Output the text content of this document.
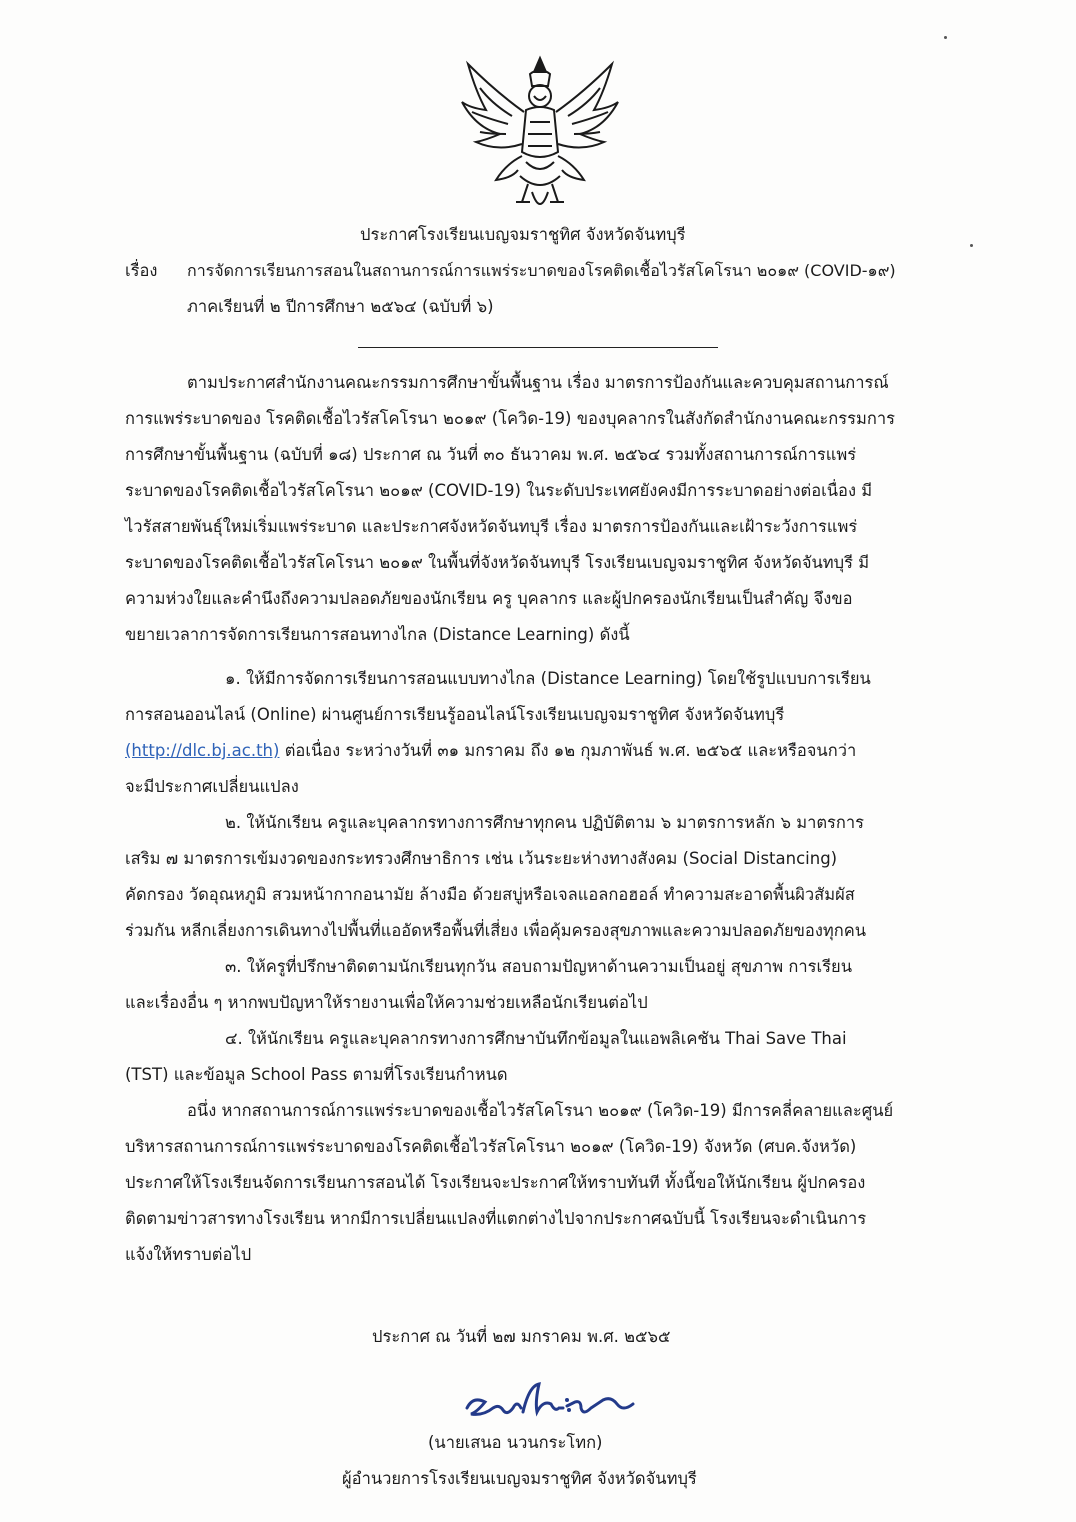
ประกาศโรงเรียนเบญจมราชูทิศ จังหวัดจันทบุรี
เรื่อง การจัดการเรียนการสอนในสถานการณ์การแพร่ระบาดของโรคติดเชื้อไวรัสโคโรนา ๒๐๑๙ (COVID-๑๙)
ภาคเรียนที่ ๒ ปีการศึกษา ๒๕๖๔ (ฉบับที่ ๖)
ตามประกาศสำนักงานคณะกรรมการศึกษาขั้นพื้นฐาน เรื่อง มาตรการป้องกันและควบคุมสถานการณ์
การแพร่ระบาดของ โรคติดเชื้อไวรัสโคโรนา ๒๐๑๙ (โควิด-19) ของบุคลากรในสังกัดสำนักงานคณะกรรมการ
การศึกษาขั้นพื้นฐาน (ฉบับที่ ๑๘) ประกาศ ณ วันที่ ๓๐ ธันวาคม พ.ศ. ๒๕๖๔ รวมทั้งสถานการณ์การแพร่
ระบาดของโรคติดเชื้อไวรัสโคโรนา ๒๐๑๙ (COVID-19) ในระดับประเทศยังคงมีการระบาดอย่างต่อเนื่อง มี
ไวรัสสายพันธุ์ใหม่เริ่มแพร่ระบาด และประกาศจังหวัดจันทบุรี เรื่อง มาตรการป้องกันและเฝ้าระวังการแพร่
ระบาดของโรคติดเชื้อไวรัสโคโรนา ๒๐๑๙ ในพื้นที่จังหวัดจันทบุรี โรงเรียนเบญจมราชูทิศ จังหวัดจันทบุรี มี
ความห่วงใยและคำนึงถึงความปลอดภัยของนักเรียน ครู บุคลากร และผู้ปกครองนักเรียนเป็นสำคัญ จึงขอ
ขยายเวลาการจัดการเรียนการสอนทางไกล (Distance Learning) ดังนี้
๑. ให้มีการจัดการเรียนการสอนแบบทางไกล (Distance Learning) โดยใช้รูปแบบการเรียน
การสอนออนไลน์ (Online) ผ่านศูนย์การเรียนรู้ออนไลน์โรงเรียนเบญจมราชูทิศ จังหวัดจันทบุรี
(http://dlc.bj.ac.th) ต่อเนื่อง ระหว่างวันที่ ๓๑ มกราคม ถึง ๑๒ กุมภาพันธ์ พ.ศ. ๒๕๖๕ และหรือจนกว่า
จะมีประกาศเปลี่ยนแปลง
๒. ให้นักเรียน ครูและบุคลากรทางการศึกษาทุกคน ปฏิบัติตาม ๖ มาตรการหลัก ๖ มาตรการ
เสริม ๗ มาตรการเข้มงวดของกระทรวงศึกษาธิการ เช่น เว้นระยะห่างทางสังคม (Social Distancing)
คัดกรอง วัดอุณหภูมิ สวมหน้ากากอนามัย ล้างมือ ด้วยสบู่หรือเจลแอลกอฮอล์ ทำความสะอาดพื้นผิวสัมผัส
ร่วมกัน หลีกเลี่ยงการเดินทางไปพื้นที่แออัดหรือพื้นที่เสี่ยง เพื่อคุ้มครองสุขภาพและความปลอดภัยของทุกคน
๓. ให้ครูที่ปรึกษาติดตามนักเรียนทุกวัน สอบถามปัญหาด้านความเป็นอยู่ สุขภาพ การเรียน
และเรื่องอื่น ๆ หากพบปัญหาให้รายงานเพื่อให้ความช่วยเหลือนักเรียนต่อไป
๔. ให้นักเรียน ครูและบุคลากรทางการศึกษาบันทึกข้อมูลในแอพลิเคชัน Thai Save Thai
(TST) และข้อมูล School Pass ตามที่โรงเรียนกำหนด
อนึ่ง หากสถานการณ์การแพร่ระบาดของเชื้อไวรัสโคโรนา ๒๐๑๙ (โควิด-19) มีการคลี่คลายและศูนย์
บริหารสถานการณ์การแพร่ระบาดของโรคติดเชื้อไวรัสโคโรนา ๒๐๑๙ (โควิด-19) จังหวัด (ศบค.จังหวัด)
ประกาศให้โรงเรียนจัดการเรียนการสอนได้ โรงเรียนจะประกาศให้ทราบทันที ทั้งนี้ขอให้นักเรียน ผู้ปกครอง
ติดตามข่าวสารทางโรงเรียน หากมีการเปลี่ยนแปลงที่แตกต่างไปจากประกาศฉบับนี้ โรงเรียนจะดำเนินการ
แจ้งให้ทราบต่อไป
ประกาศ ณ วันที่ ๒๗ มกราคม พ.ศ. ๒๕๖๕
(นายเสนอ นวนกระโทก)
ผู้อำนวยการโรงเรียนเบญจมราชูทิศ จังหวัดจันทบุรี
